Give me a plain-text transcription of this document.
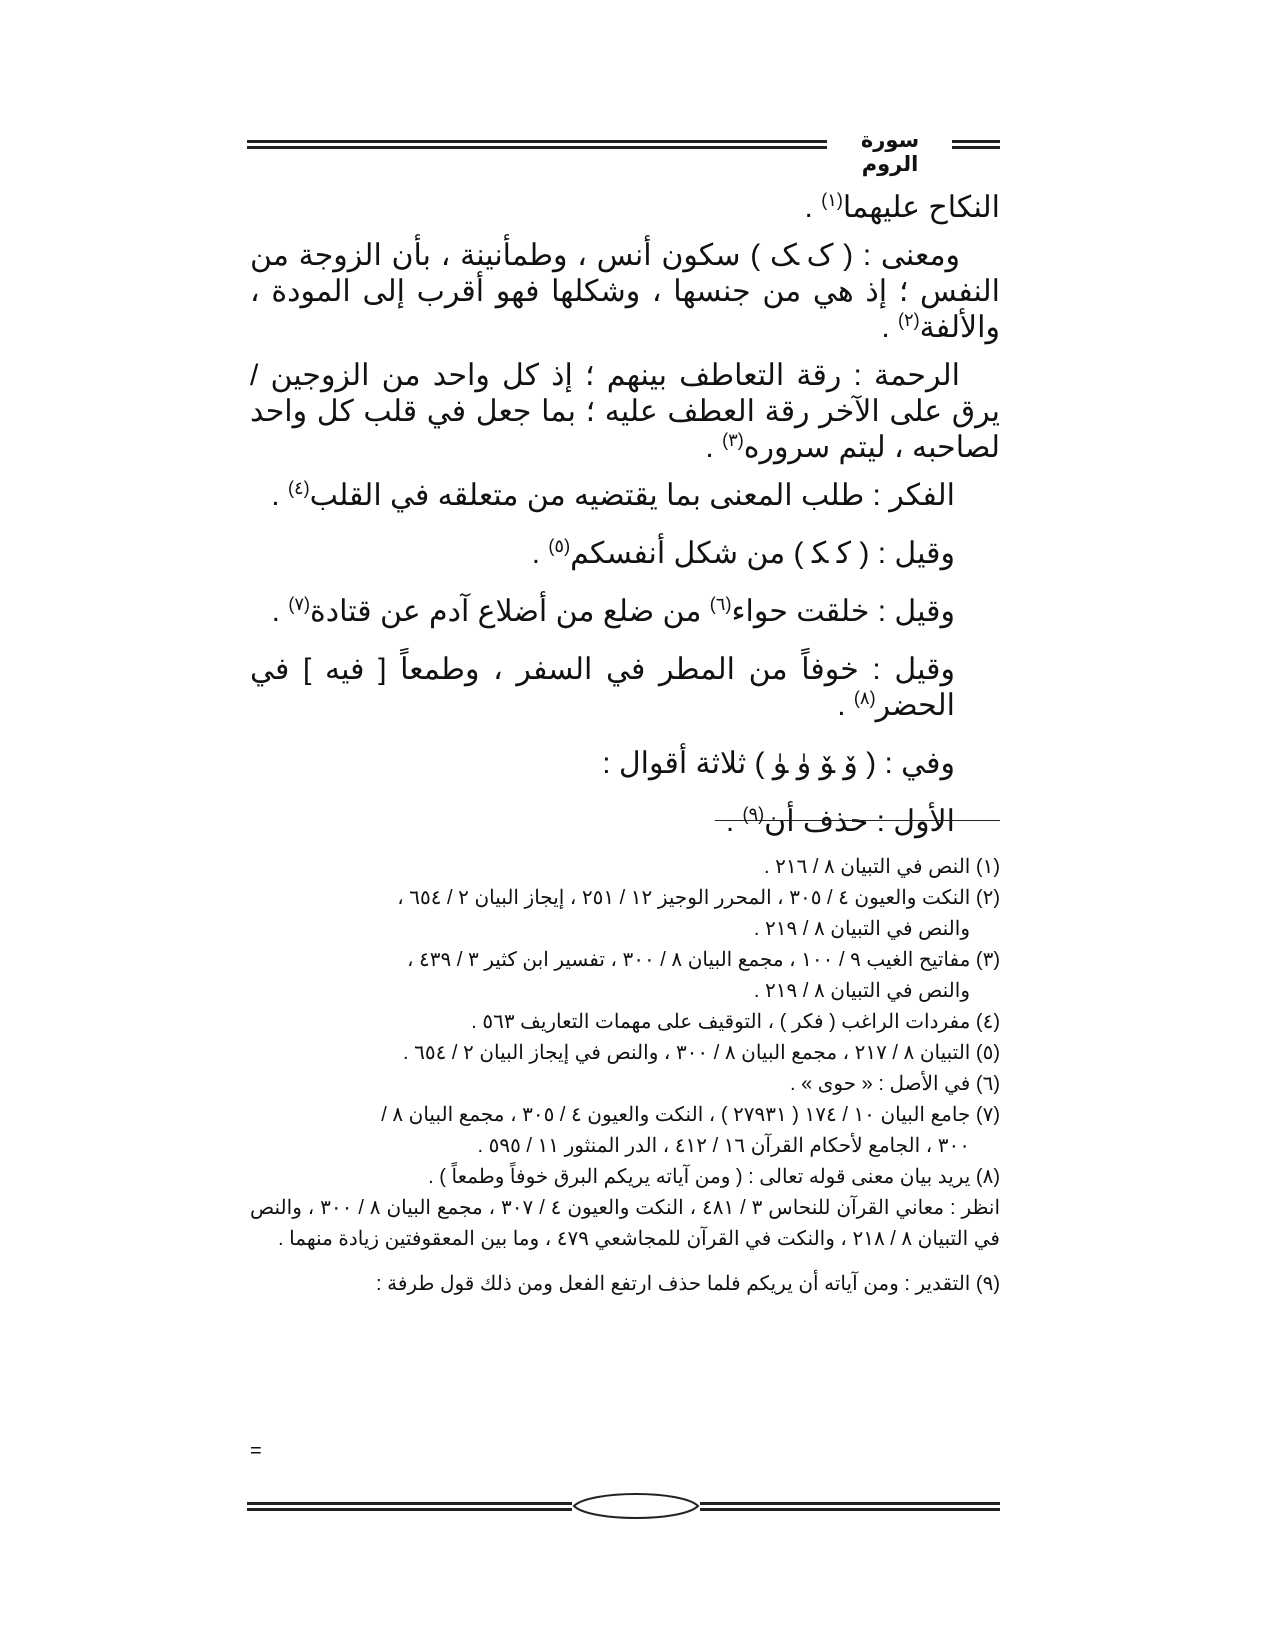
سورة الروم

النكاح عليهما$^{(١)}$ .

ومعنى : ( ﮎ ﮏ ) سكون أنس ، وطمأنينة ، بأن الزوجة من النفس ؛ إذ هي من جنسها ، وشكلها فهو أقرب إلى المودة ، والألفة$^{(٢)}$ .

الرحمة : رقة التعاطف بينهم ؛ إذ كل واحد من الزوجين / يرق على الآخر رقة العطف عليه ؛ بما جعل في قلب كل واحد لصاحبه ، ليتم سروره$^{(٣)}$ .

الفكر : طلب المعنى بما يقتضيه من متعلقه في القلب$^{(٤)}$ .

وقيل : ( ﮐ ﮑ ) من شكل أنفسكم$^{(٥)}$ .

وقيل : خلقت حواء$^{(٦)}$ من ضلع من أضلاع آدم عن قتادة$^{(٧)}$ .

وقيل : خوفاً من المطر في السفر ، وطمعاً [ فيه ] في الحضر$^{(٨)}$ .

وفي : ( ﯙ ﯚ ﯛ ﯜ ) ثلاثة أقوال :

الأول : حذف أن$^{(٩)}$ .

(١) النص في التبيان ٨ / ٢١٦ .

(٢) النكت والعيون ٤ / ٣٠٥ ، المحرر الوجيز ١٢ / ٢٥١ ، إيجاز البيان ٢ / ٦٥٤ ،
والنص في التبيان ٨ / ٢١٩ .

(٣) مفاتيح الغيب ٩ / ١٠٠ ، مجمع البيان ٨ / ٣٠٠ ، تفسير ابن كثير ٣ / ٤٣٩ ،
والنص في التبيان ٨ / ٢١٩ .

(٤) مفردات الراغب ( فكر ) ، التوقيف على مهمات التعاريف ٥٦٣ .

(٥) التبيان ٨ / ٢١٧ ، مجمع البيان ٨ / ٣٠٠ ، والنص في إيجاز البيان ٢ / ٦٥٤ .

(٦) في الأصل : « حوى » .

(٧) جامع البيان ١٠ / ١٧٤ ( ٢٧٩٣١ ) ، النكت والعيون ٤ / ٣٠٥ ، مجمع البيان ٨ /
٣٠٠ ، الجامع لأحكام القرآن ١٦ / ٤١٢ ، الدر المنثور ١١ / ٥٩٥ .

(٨) يريد بيان معنى قوله تعالى : ( ومن آياته يريكم البرق خوفاً وطمعاً ) .
انظر : معاني القرآن للنحاس ٣ / ٤٨١ ، النكت والعيون ٤ / ٣٠٧ ، مجمع البيان ٨ / ٣٠٠ ، والنص في التبيان ٨ / ٢١٨ ، والنكت في القرآن للمجاشعي ٤٧٩ ، وما بين المعقوفتين زيادة منهما .

(٩) التقدير : ومن آياته أن يريكم فلما حذف ارتفع الفعل ومن ذلك قول طرفة :

=
